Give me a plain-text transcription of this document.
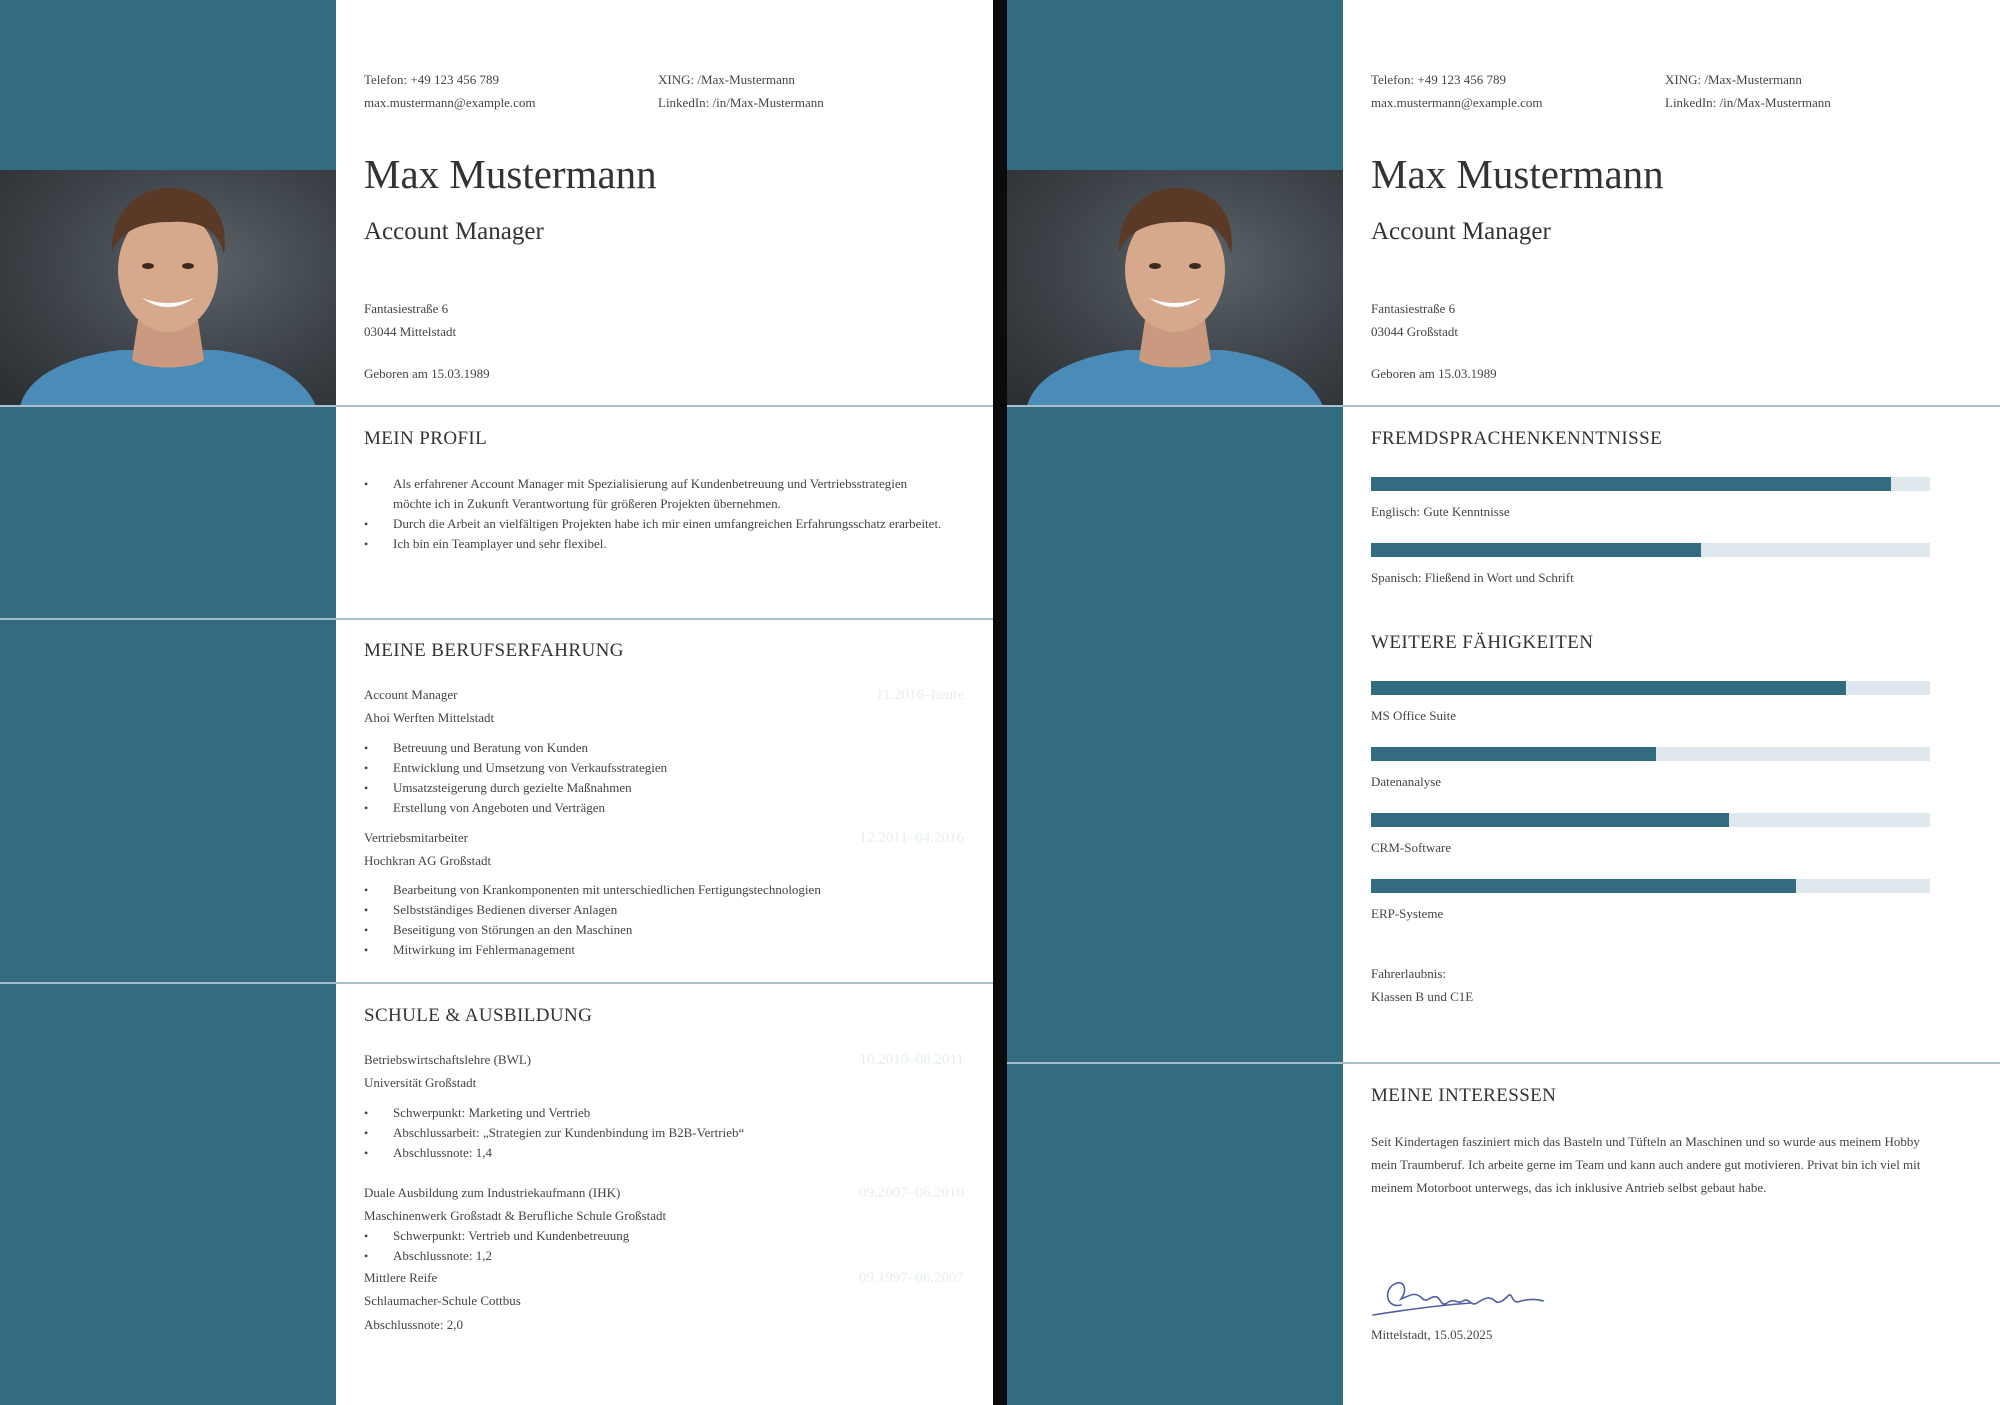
Telefon: +49 123 456 789
max.mustermann@example.com
XING: /Max-Mustermann
LinkedIn: /in/Max-Mustermann
Max Mustermann
Account Manager
Fantasiestraße 6
03044 Mittelstadt
Geboren am 15.03.1989
MEIN PROFIL
• Als erfahrener Account Manager mit Spezialisierung auf Kundenbetreuung und Vertriebsstrategien möchte ich in Zukunft Verantwortung für größeren Projekten übernehmen.
• Durch die Arbeit an vielfältigen Projekten habe ich mir einen umfangreichen Erfahrungsschatz erarbeitet.
• Ich bin ein Teamplayer und sehr flexibel.
MEINE BERUFSERFAHRUNG
11.2016–heute
Account Manager
Ahoi Werften Mittelstadt
• Betreuung und Beratung von Kunden
• Entwicklung und Umsetzung von Verkaufsstrategien
• Umsatzsteigerung durch gezielte Maßnahmen
• Erstellung von Angeboten und Verträgen
12.2011–04.2016
Vertriebsmitarbeiter
Hochkran AG Großstadt
• Bearbeitung von Krankomponenten mit unterschiedlichen Fertigungstechnologien
• Selbstständiges Bedienen diverser Anlagen
• Beseitigung von Störungen an den Maschinen
• Mitwirkung im Fehlermanagement
SCHULE & AUSBILDUNG
10.2010–08.2011
Betriebswirtschaftslehre (BWL)
Universität Großstadt
• Schwerpunkt: Marketing und Vertrieb
• Abschlussarbeit: „Strategien zur Kundenbindung im B2B-Vertrieb“
• Abschlussnote: 1,4
09.2007–06.2010
Duale Ausbildung zum Industriekaufmann (IHK)
Maschinenwerk Großstadt & Berufliche Schule Großstadt
• Schwerpunkt: Vertrieb und Kundenbetreuung
• Abschlussnote: 1,2
09.1997–06.2007
Mittlere Reife
Schlaumacher-Schule Cottbus
Abschlussnote: 2,0
Telefon: +49 123 456 789
max.mustermann@example.com
XING: /Max-Mustermann
LinkedIn: /in/Max-Mustermann
Max Mustermann
Account Manager
Fantasiestraße 6
03044 Großstadt
Geboren am 15.03.1989
FREMDSPRACHENKENNTNISSE
Englisch: Gute Kenntnisse
Spanisch: Fließend in Wort und Schrift
WEITERE FÄHIGKEITEN
MS Office Suite
Datenanalyse
CRM-Software
ERP-Systeme
Fahrerlaubnis:
Klassen B und C1E
MEINE INTERESSEN
Seit Kindertagen fasziniert mich das Basteln und Tüfteln an Maschinen und so wurde aus meinem Hobby mein Traumberuf. Ich arbeite gerne im Team und kann auch andere gut motivieren. Privat bin ich viel mit meinem Motorboot unterwegs, das ich inklusive Antrieb selbst gebaut habe.
Mittelstadt, 15.05.2025
